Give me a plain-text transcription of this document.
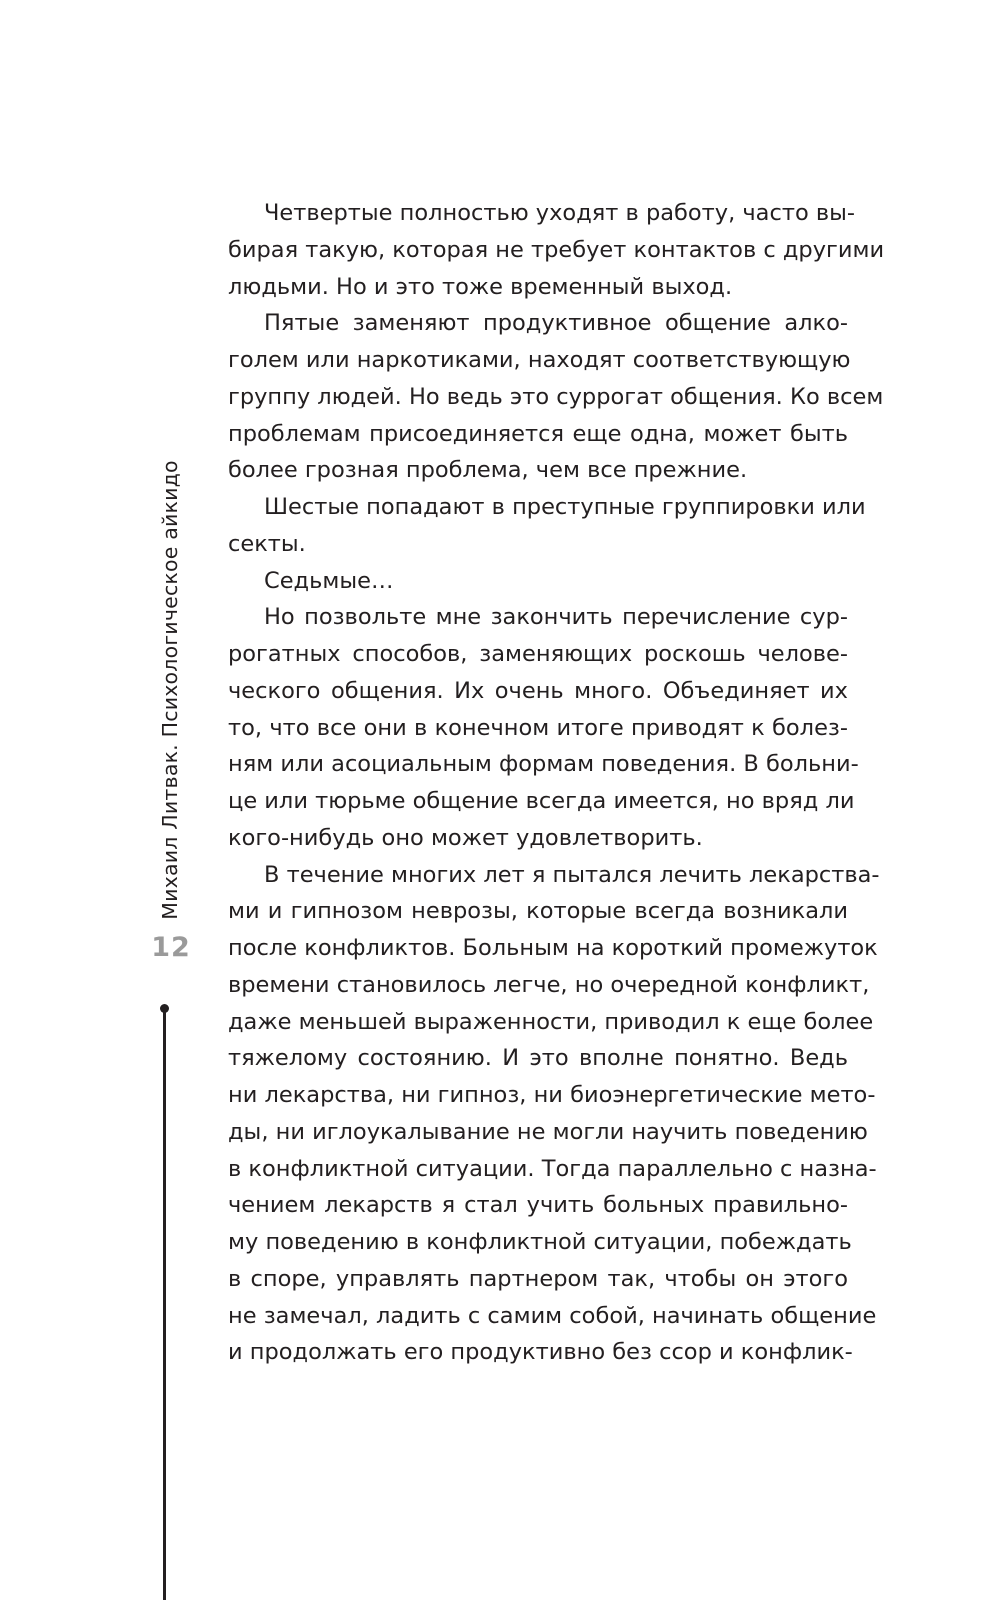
Михаил Литвак. Психологическое айкидо
12
Четвертые полностью уходят в работу, часто вы-
бирая такую, которая не требует контактов с другими
людьми. Но и это тоже временный выход.
Пятые заменяют продуктивное общение алко-
голем или наркотиками, находят соответствующую
группу людей. Но ведь это суррогат общения. Ко всем
проблемам присоединяется еще одна, может быть
более грозная проблема, чем все прежние.
Шестые попадают в преступные группировки или
секты.
Седьмые…
Но позвольте мне закончить перечисление сур-
рогатных способов, заменяющих роскошь челове-
ческого общения. Их очень много. Объединяет их
то, что все они в конечном итоге приводят к болез-
ням или асоциальным формам поведения. В больни-
це или тюрьме общение всегда имеется, но вряд ли
кого-нибудь оно может удовлетворить.
В течение многих лет я пытался лечить лекарства-
ми и гипнозом неврозы, которые всегда возникали
после конфликтов. Больным на короткий промежуток
времени становилось легче, но очередной конфликт,
даже меньшей выраженности, приводил к еще более
тяжелому состоянию. И это вполне понятно. Ведь
ни лекарства, ни гипноз, ни биоэнергетические мето-
ды, ни иглоукалывание не могли научить поведению
в конфликтной ситуации. Тогда параллельно с назна-
чением лекарств я стал учить больных правильно-
му поведению в конфликтной ситуации, побеждать
в споре, управлять партнером так, чтобы он этого
не замечал, ладить с самим собой, начинать общение
и продолжать его продуктивно без ссор и конфлик-
